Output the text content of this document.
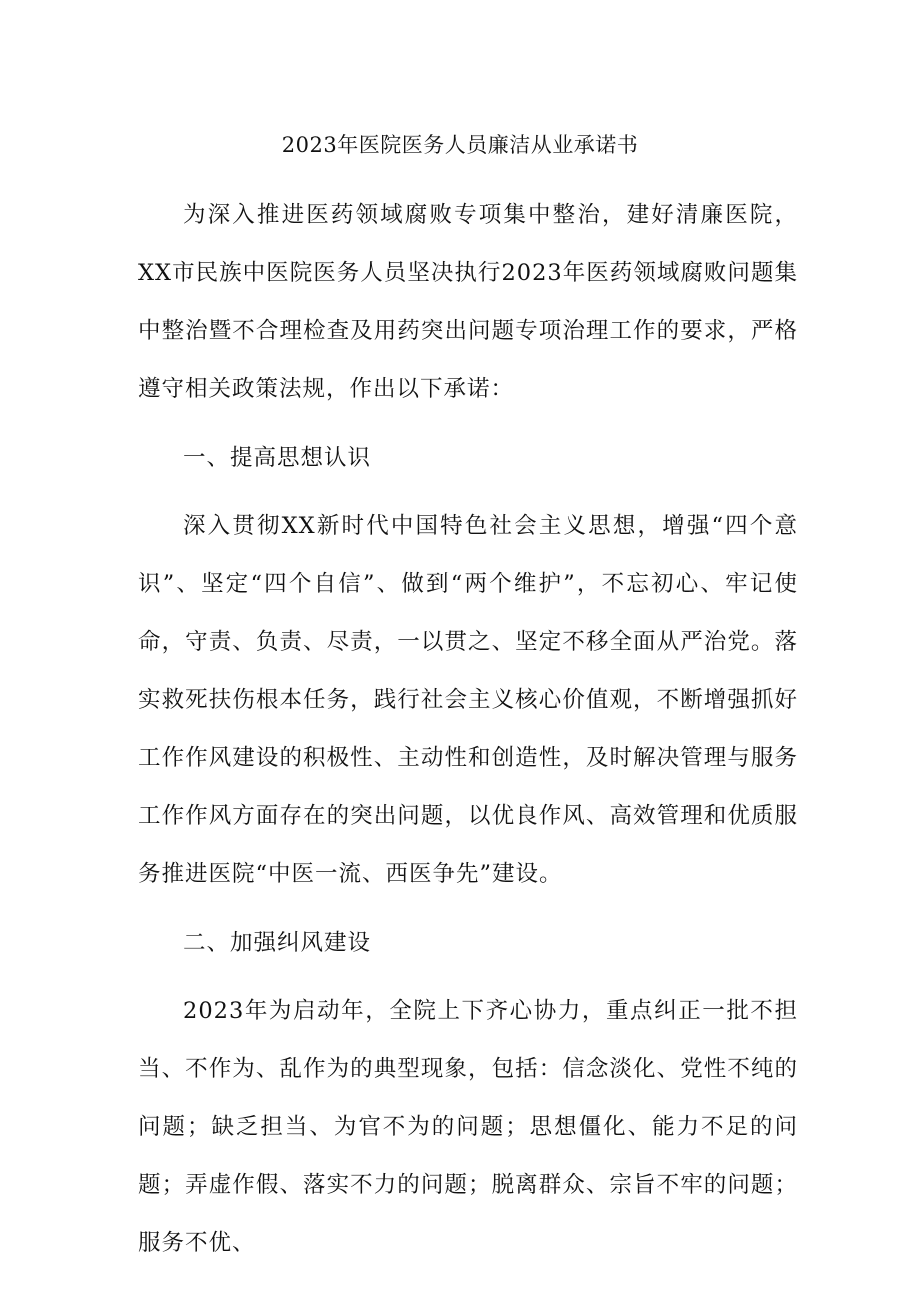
2023年医院医务人员廉洁从业承诺书

为深入推进医药领域腐败专项集中整治，建好清廉医院，XX市民族中医院医务人员坚决执行2023年医药领域腐败问题集中整治暨不合理检查及用药突出问题专项治理工作的要求，严格遵守相关政策法规，作出以下承诺：

一、提高思想认识

深入贯彻XX新时代中国特色社会主义思想，增强“四个意识”、坚定“四个自信”、做到“两个维护”，不忘初心、牢记使命，守责、负责、尽责，一以贯之、坚定不移全面从严治党。落实救死扶伤根本任务，践行社会主义核心价值观，不断增强抓好工作作风建设的积极性、主动性和创造性，及时解决管理与服务工作作风方面存在的突出问题，以优良作风、高效管理和优质服务推进医院“中医一流、西医争先”建设。

二、加强纠风建设

2023年为启动年，全院上下齐心协力，重点纠正一批不担当、不作为、乱作为的典型现象，包括：信念淡化、党性不纯的问题；缺乏担当、为官不为的问题；思想僵化、能力不足的问题；弄虚作假、落实不力的问题；脱离群众、宗旨不牢的问题；服务不优、
